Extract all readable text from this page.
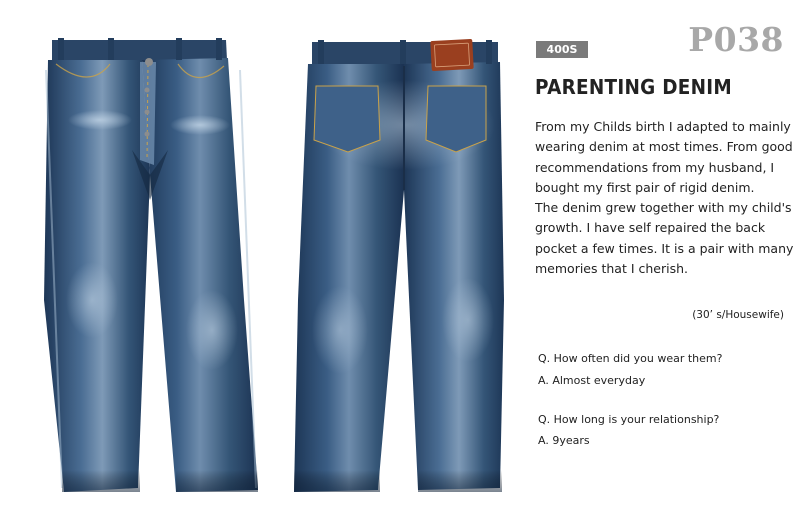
P038
400S
PARENTING DENIM

From my Childs birth I adapted to mainly wearing denim at most times. From good recommendations from my husband, I bought my first pair of rigid denim.

The denim grew together with my child's growth. I have self repaired the back pocket a few times. It is a pair with many memories that I cherish.

(30’ s/Housewife)
Q. How often did you wear them?
A. Almost everyday
Q. How long is your relationship?
A. 9years
